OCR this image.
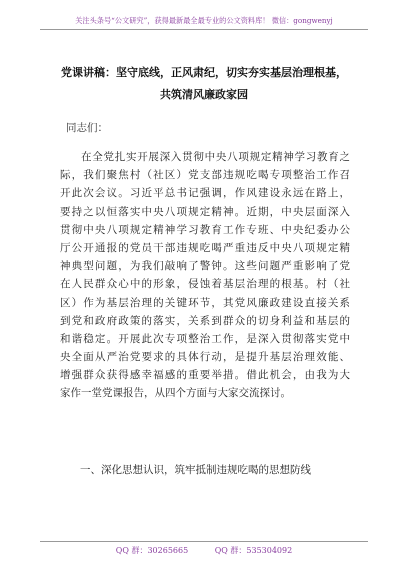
关注头条号“公文研究”，获得最新最全最专业的公文资料库！ 微信：gongwenyj
党课讲稿：坚守底线，正风肃纪，切实夯实基层治理根基，
共筑清风廉政家园
同志们：
在全党扎实开展深入贯彻中央八项规定精神学习教育之
际，我们聚焦村（社区）党支部违规吃喝专项整治工作召
开此次会议。习近平总书记强调，作风建设永远在路上，
要持之以恒落实中央八项规定精神。近期，中央层面深入
贯彻中央八项规定精神学习教育工作专班、中央纪委办公
厅公开通报的党员干部违规吃喝严重违反中央八项规定精
神典型问题，为我们敲响了警钟。这些问题严重影响了党
在人民群众心中的形象，侵蚀着基层治理的根基。村（社
区）作为基层治理的关键环节，其党风廉政建设直接关系
到党和政府政策的落实，关系到群众的切身利益和基层的
和谐稳定。开展此次专项整治工作，是深入贯彻落实党中
央全面从严治党要求的具体行动，是提升基层治理效能、
增强群众获得感幸福感的重要举措。借此机会，由我为大
家作一堂党课报告，从四个方面与大家交流探讨。
一、深化思想认识，筑牢抵制违规吃喝的思想防线
QQ 群：30265665	QQ 群：535304092
